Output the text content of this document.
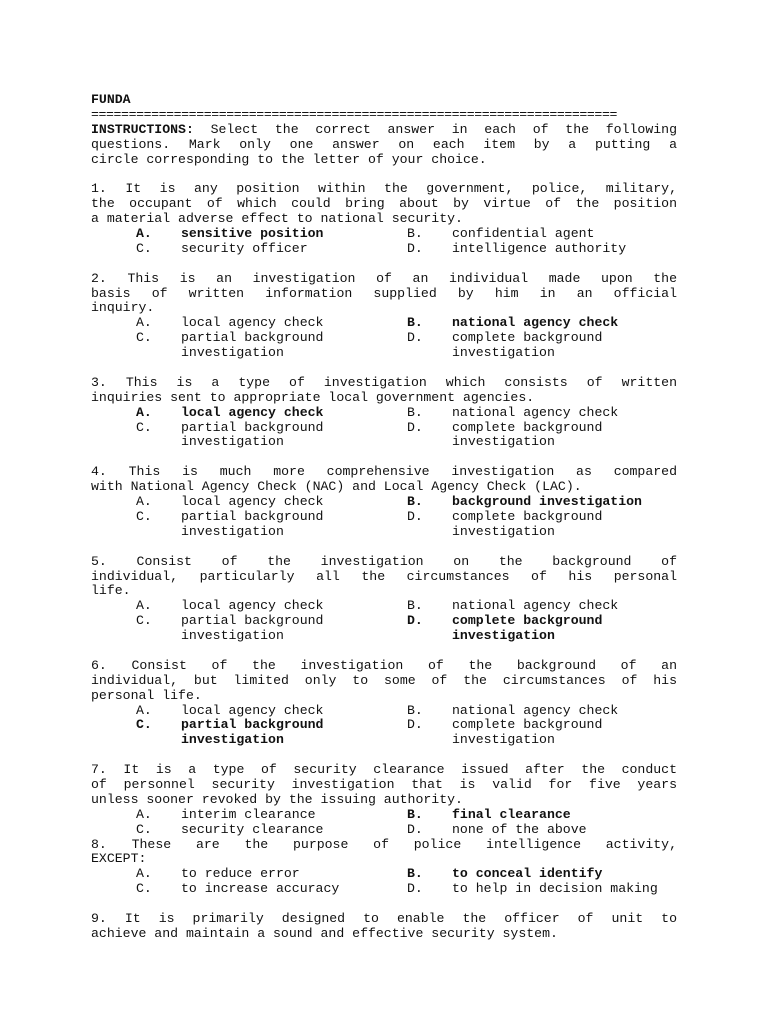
FUNDA
======================================================================
INSTRUCTIONS: Select the correct answer in each of the following
questions. Mark only one answer on each item by a putting a
circle corresponding to the letter of your choice.
1. It is any position within the government, police, military,
the occupant of which could bring about by virtue of the position
a material adverse effect to national security.
A. sensitive position	B. confidential agent
C. security officer	D. intelligence authority
2. This is an investigation of an individual made upon the
basis of written information supplied by him in an official
inquiry.
A. local agency check	B. national agency check
C. partial background	D. complete background
investigation	investigation
3. This is a type of investigation which consists of written
inquiries sent to appropriate local government agencies.
A. local agency check	B. national agency check
C. partial background	D. complete background
investigation	investigation
4. This is much more comprehensive investigation as compared
with National Agency Check (NAC) and Local Agency Check (LAC).
A. local agency check	B. background investigation
C. partial background	D. complete background
investigation	investigation
5. Consist of the investigation on the background of
individual, particularly all the circumstances of his personal
life.
A. local agency check	B. national agency check
C. partial background	D. complete background
investigation	investigation
6. Consist of the investigation of the background of an
individual, but limited only to some of the circumstances of his
personal life.
A. local agency check	B. national agency check
C. partial background	D. complete background
investigation	investigation
7. It is a type of security clearance issued after the conduct
of personnel security investigation that is valid for five years
unless sooner revoked by the issuing authority.
A. interim clearance	B. final clearance
C. security clearance	D. none of the above
8. These are the purpose of police intelligence activity,
EXCEPT:
A. to reduce error	B. to conceal identify
C. to increase accuracy	D. to help in decision making
9. It is primarily designed to enable the officer of unit to
achieve and maintain a sound and effective security system.
